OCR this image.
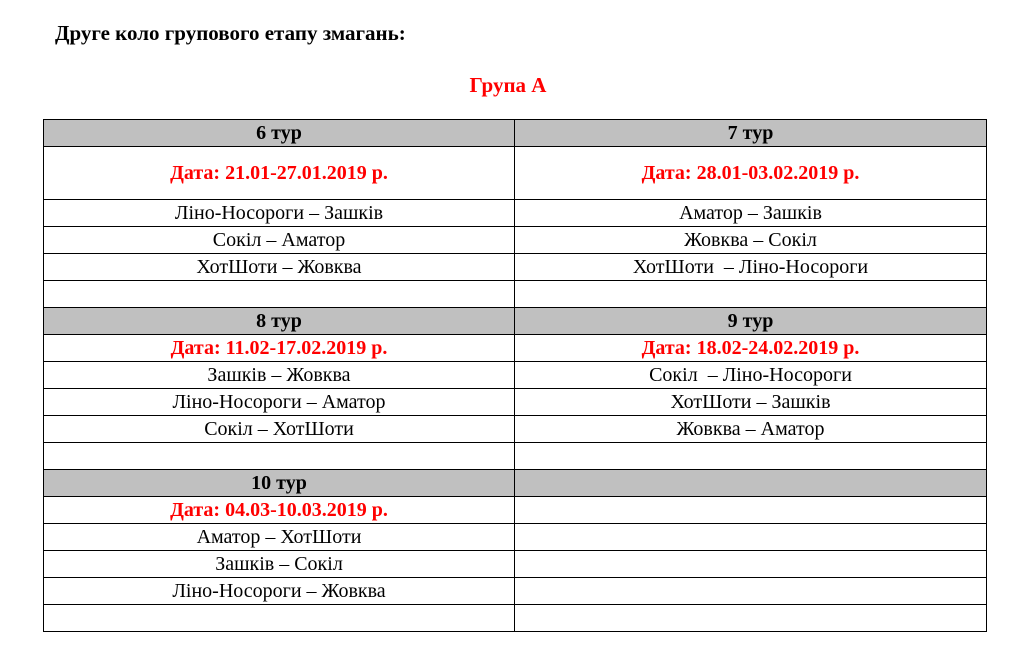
Друге коло групового етапу змагань:
Група А
6 тур	7 тур
Дата: 21.01-27.01.2019 р.	Дата: 28.01-03.02.2019 р.
Ліно-Носороги – Зашків	Аматор – Зашків
Сокіл – Аматор	Жовква – Сокіл
ХотШоти – Жовква	ХотШоти  – Ліно-Носороги

8 тур	9 тур
Дата: 11.02-17.02.2019 р.	Дата: 18.02-24.02.2019 р.
Зашків – Жовква	Сокіл  – Ліно-Носороги
Ліно-Носороги – Аматор	ХотШоти – Зашків
Сокіл – ХотШоти	Жовква – Аматор

10 тур	
Дата: 04.03-10.03.2019 р.	
Аматор – ХотШоти	
Зашків – Сокіл	
Ліно-Носороги – Жовква	
